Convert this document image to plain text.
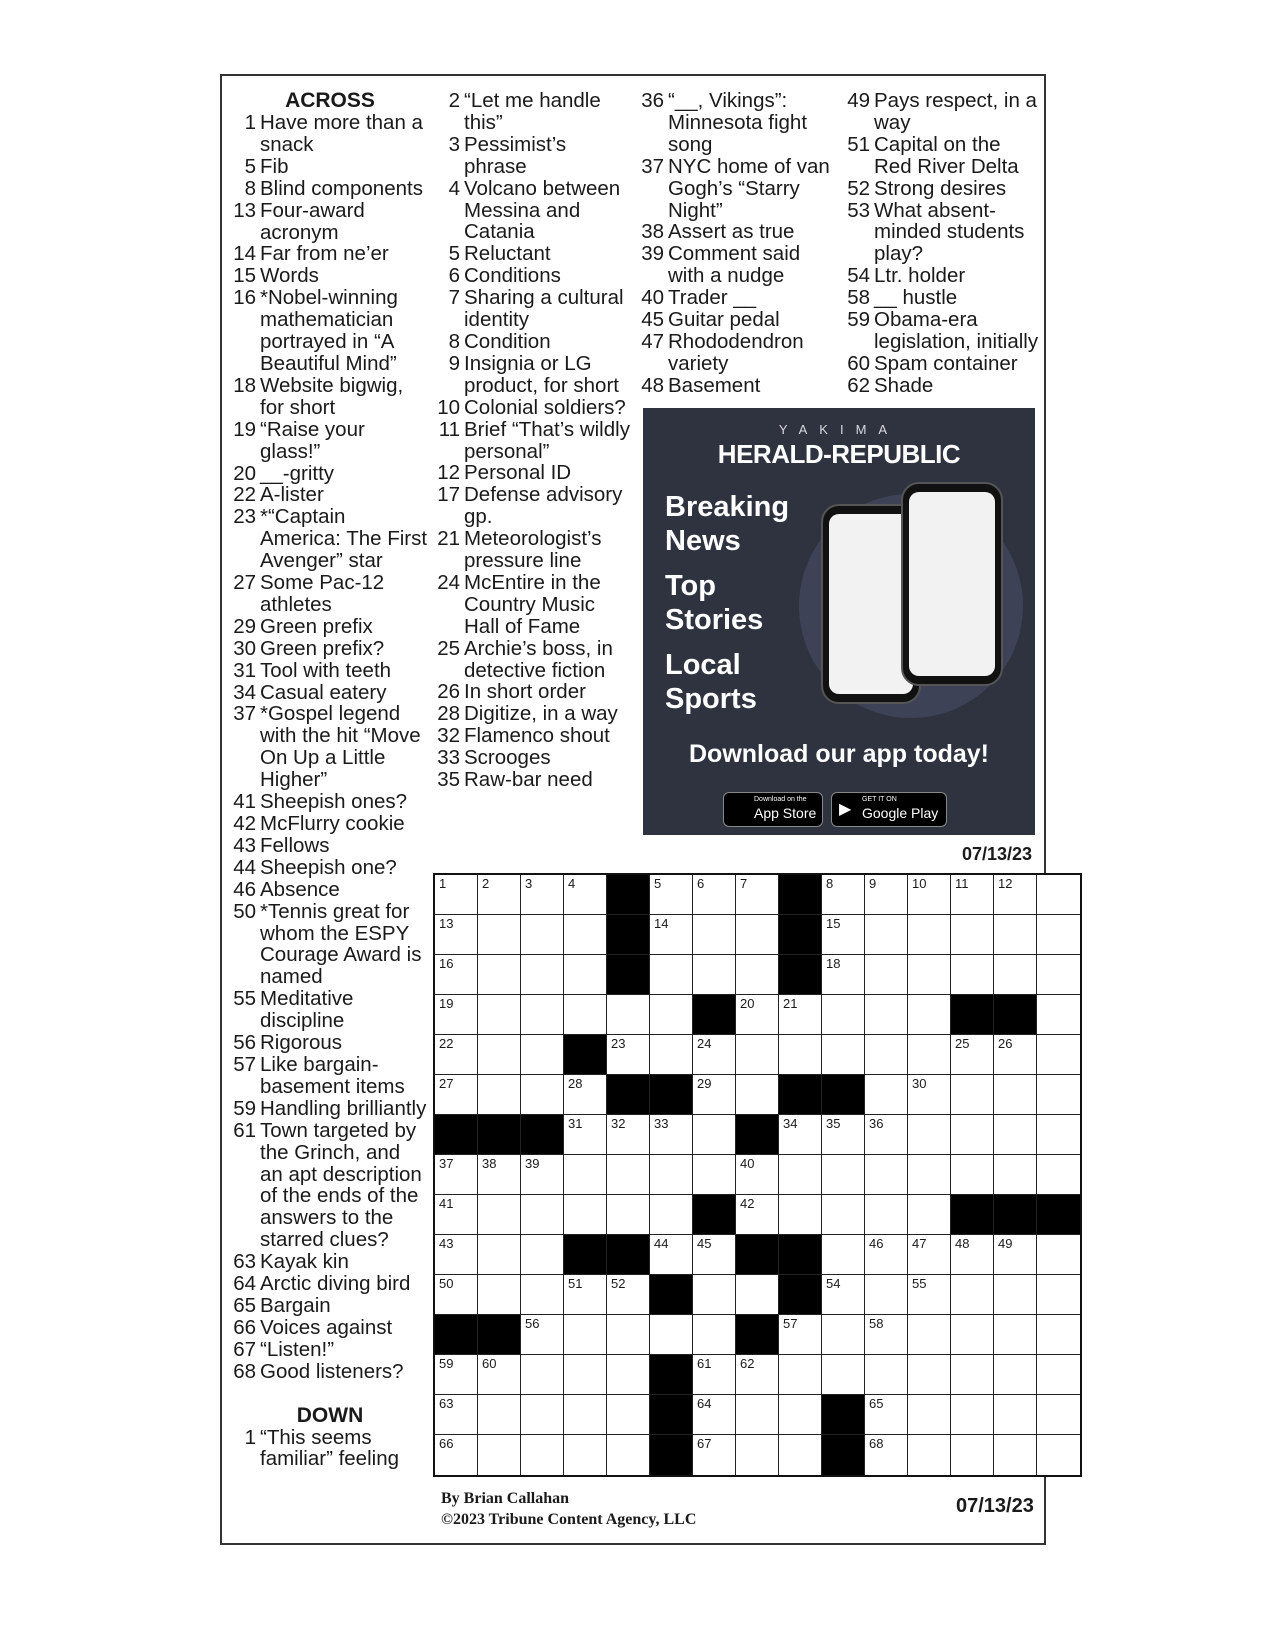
ACROSS
1 Have more than a snack
5 Fib
8 Blind components
13 Four-award acronym
14 Far from ne’er
15 Words
16 *Nobel-winning mathematician portrayed in “A Beautiful Mind”
18 Website bigwig, for short
19 “Raise your glass!”
20 __-gritty
22 A-lister
23 *“Captain America: The First Avenger” star
27 Some Pac-12 athletes
29 Green prefix
30 Green prefix?
31 Tool with teeth
34 Casual eatery
37 *Gospel legend with the hit “Move On Up a Little Higher”
41 Sheepish ones?
42 McFlurry cookie
43 Fellows
44 Sheepish one?
46 Absence
50 *Tennis great for whom the ESPY Courage Award is named
55 Meditative discipline
56 Rigorous
57 Like bargain-basement items
59 Handling brilliantly
61 Town targeted by the Grinch, and an apt description of the ends of the answers to the starred clues?
63 Kayak kin
64 Arctic diving bird
65 Bargain
66 Voices against
67 “Listen!”
68 Good listeners?
DOWN
1 “This seems familiar” feeling
2 “Let me handle this”
3 Pessimist’s phrase
4 Volcano between Messina and Catania
5 Reluctant
6 Conditions
7 Sharing a cultural identity
8 Condition
9 Insignia or LG product, for short
10 Colonial soldiers?
11 Brief “That’s wildly personal”
12 Personal ID
17 Defense advisory gp.
21 Meteorologist’s pressure line
24 McEntire in the Country Music Hall of Fame
25 Archie’s boss, in detective fiction
26 In short order
28 Digitize, in a way
32 Flamenco shout
33 Scrooges
35 Raw-bar need
36 “__, Vikings”: Minnesota fight song
37 NYC home of van Gogh’s “Starry Night”
38 Assert as true
39 Comment said with a nudge
40 Trader __
45 Guitar pedal
47 Rhododendron variety
48 Basement
49 Pays respect, in a way
51 Capital on the Red River Delta
52 Strong desires
53 What absent-minded students play?
54 Ltr. holder
58 __ hustle
59 Obama-era legislation, initially
60 Spam container
62 Shade
YAKIMA
HERALD-REPUBLIC
Breaking News
Top Stories
Local Sports
Download our app today!
Download on the
App Store ▶
GET IT ON
Google Play
07/13/23
1	2	3	4	5	6	7	8	9	10 11 12
13	14	15
16	18
19	20 21
22	23	24	25 26
27	28	29	30
31 32 33	34 35 36
37 38 39	40
41	42
43	44 45	46 47 48 49
50	51 52	54	55
56	57	58
59 60	61 62
63	64	65
66	67	68
By Brian Callahan
©2023 Tribune Content Agency, LLC
07/13/23
